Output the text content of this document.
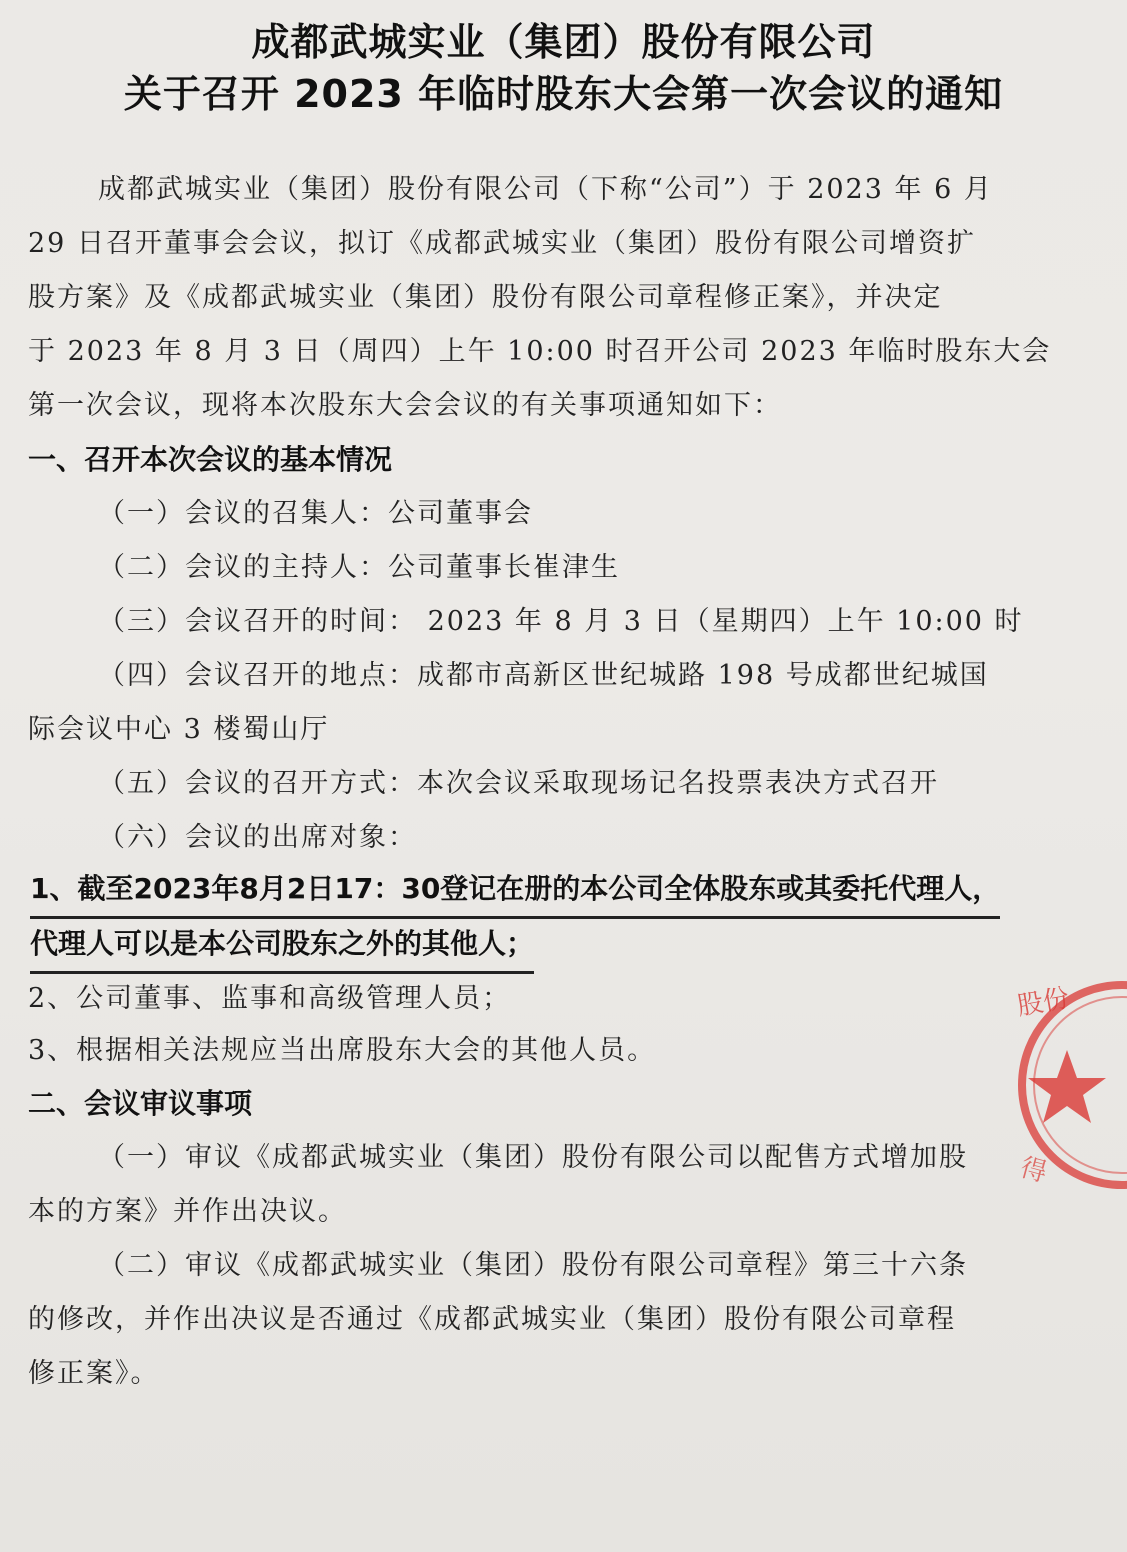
成都武城实业（集团）股份有限公司
关于召开 2023 年临时股东大会第一次会议的通知
成都武城实业（集团）股份有限公司（下称“公司”）于 2023 年 6 月
29 日召开董事会会议，拟订《成都武城实业（集团）股份有限公司增资扩
股方案》及《成都武城实业（集团）股份有限公司章程修正案》，并决定
于 2023 年 8 月 3 日（周四）上午 10:00 时召开公司 2023 年临时股东大会
第一次会议，现将本次股东大会会议的有关事项通知如下：
一、召开本次会议的基本情况
（一）会议的召集人：公司董事会
（二）会议的主持人：公司董事长崔津生
（三）会议召开的时间： 2023 年 8 月 3 日（星期四）上午 10:00 时
（四）会议召开的地点：成都市高新区世纪城路 198 号成都世纪城国
际会议中心 3 楼蜀山厅
（五）会议的召开方式：本次会议采取现场记名投票表决方式召开
（六）会议的出席对象：
1、截至2023年8月2日17：30登记在册的本公司全体股东或其委托代理人，
代理人可以是本公司股东之外的其他人；
2、公司董事、监事和高级管理人员；
3、根据相关法规应当出席股东大会的其他人员。
二、会议审议事项
（一）审议《成都武城实业（集团）股份有限公司以配售方式增加股
本的方案》并作出决议。
（二）审议《成都武城实业（集团）股份有限公司章程》第三十六条
的修改，并作出决议是否通过《成都武城实业（集团）股份有限公司章程
修正案》。
股份
得
